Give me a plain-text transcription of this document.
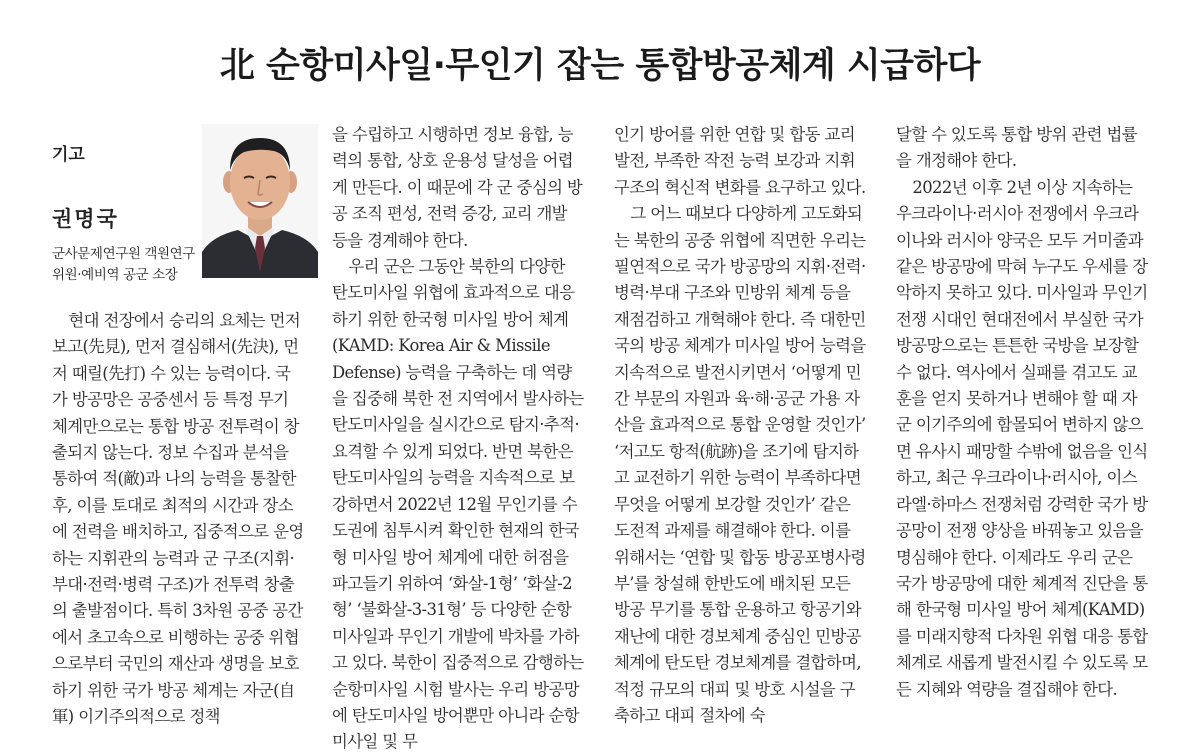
北 순항미사일·무인기 잡는 통합방공체계 시급하다
기고
권명국
군사문제연구원 객원연구
위원·예비역 공군 소장

현대 전장에서 승리의 요체는 먼저 보고(先見), 먼저 결심해서(先決), 먼저 때릴(先打) 수 있는 능력이다. 국가 방공망은 공중센서 등 특정 무기 체계만으로는 통합 방공 전투력이 창출되지 않는다. 정보 수집과 분석을 통하여 적(敵)과 나의 능력을 통찰한 후, 이를 토대로 최적의 시간과 장소에 전력을 배치하고, 집중적으로 운영하는 지휘관의 능력과 군 구조(지휘·부대·전력·병력 구조)가 전투력 창출의 출발점이다. 특히 3차원 공중 공간에서 초고속으로 비행하는 공중 위협으로부터 국민의 재산과 생명을 보호하기 위한 국가 방공 체계는 자군(自軍) 이기주의적으로 정책

을 수립하고 시행하면 정보 융합, 능력의 통합, 상호 운용성 달성을 어렵게 만든다. 이 때문에 각 군 중심의 방공 조직 편성, 전력 증강, 교리 개발 등을 경계해야 한다.

우리 군은 그동안 북한의 다양한 탄도미사일 위협에 효과적으로 대응하기 위한 한국형 미사일 방어 체계(KAMD: Korea Air & Missile Defense) 능력을 구축하는 데 역량을 집중해 북한 전 지역에서 발사하는 탄도미사일을 실시간으로 탐지·추적·요격할 수 있게 되었다. 반면 북한은 탄도미사일의 능력을 지속적으로 보강하면서 2022년 12월 무인기를 수도권에 침투시켜 확인한 현재의 한국형 미사일 방어 체계에 대한 허점을 파고들기 위하여 ‘화살-1형’ ‘화살-2형’ ‘불화살-3-31형’ 등 다양한 순항미사일과 무인기 개발에 박차를 가하고 있다. 북한이 집중적으로 감행하는 순항미사일 시험 발사는 우리 방공망에 탄도미사일 방어뿐만 아니라 순항미사일 및 무

인기 방어를 위한 연합 및 합동 교리 발전, 부족한 작전 능력 보강과 지휘 구조의 혁신적 변화를 요구하고 있다.

그 어느 때보다 다양하게 고도화되는 북한의 공중 위협에 직면한 우리는 필연적으로 국가 방공망의 지휘·전력·병력·부대 구조와 민방위 체계 등을 재점검하고 개혁해야 한다. 즉 대한민국의 방공 체계가 미사일 방어 능력을 지속적으로 발전시키면서 ‘어떻게 민간 부문의 자원과 육·해·공군 가용 자산을 효과적으로 통합 운영할 것인가’ ‘저고도 항적(航跡)을 조기에 탐지하고 교전하기 위한 능력이 부족하다면 무엇을 어떻게 보강할 것인가’ 같은 도전적 과제를 해결해야 한다. 이를 위해서는 ‘연합 및 합동 방공포병사령부’를 창설해 한반도에 배치된 모든 방공 무기를 통합 운용하고 항공기와 재난에 대한 경보체계 중심인 민방공 체계에 탄도탄 경보체계를 결합하며, 적정 규모의 대피 및 방호 시설을 구축하고 대피 절차에 숙

달할 수 있도록 통합 방위 관련 법률을 개정해야 한다.

2022년 이후 2년 이상 지속하는 우크라이나·러시아 전쟁에서 우크라이나와 러시아 양국은 모두 거미줄과 같은 방공망에 막혀 누구도 우세를 장악하지 못하고 있다. 미사일과 무인기 전쟁 시대인 현대전에서 부실한 국가 방공망으로는 튼튼한 국방을 보장할 수 없다. 역사에서 실패를 겪고도 교훈을 얻지 못하거나 변해야 할 때 자군 이기주의에 함몰되어 변하지 않으면 유사시 패망할 수밖에 없음을 인식하고, 최근 우크라이나·러시아, 이스라엘·하마스 전쟁처럼 강력한 국가 방공망이 전쟁 양상을 바꿔놓고 있음을 명심해야 한다. 이제라도 우리 군은 국가 방공망에 대한 체계적 진단을 통해 한국형 미사일 방어 체계(KAMD)를 미래지향적 다차원 위협 대응 통합 체계로 새롭게 발전시킬 수 있도록 모든 지혜와 역량을 결집해야 한다.
